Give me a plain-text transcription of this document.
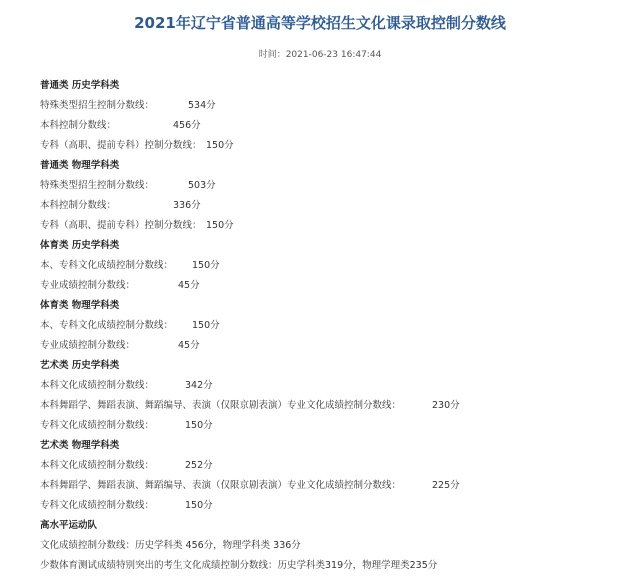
2021年辽宁省普通高等学校招生文化课录取控制分数线
时间：2021-06-23 16:47:44
普通类 历史学科类
特殊类型招生控制分数线：	534分
本科控制分数线：	456分
专科（高职、提前专科）控制分数线： 150分
普通类 物理学科类
特殊类型招生控制分数线：	503分
本科控制分数线：	336分
专科（高职、提前专科）控制分数线： 150分
体育类 历史学科类
本、专科文化成绩控制分数线： 150分
专业成绩控制分数线：	45分
体育类 物理学科类
本、专科文化成绩控制分数线： 150分
专业成绩控制分数线：	45分
艺术类 历史学科类
本科文化成绩控制分数线：	342分
本科舞蹈学、舞蹈表演、舞蹈编导、表演（仅限京剧表演）专业文化成绩控制分数线：	230分
专科文化成绩控制分数线：	150分
艺术类 物理学科类
本科文化成绩控制分数线：	252分
本科舞蹈学、舞蹈表演、舞蹈编导、表演（仅限京剧表演）专业文化成绩控制分数线：	225分
专科文化成绩控制分数线：	150分
高水平运动队
文化成绩控制分数线：历史学科类 456分，物理学科类 336分
少数体育测试成绩特别突出的考生文化成绩控制分数线：历史学科类319分，物理学理类235分
